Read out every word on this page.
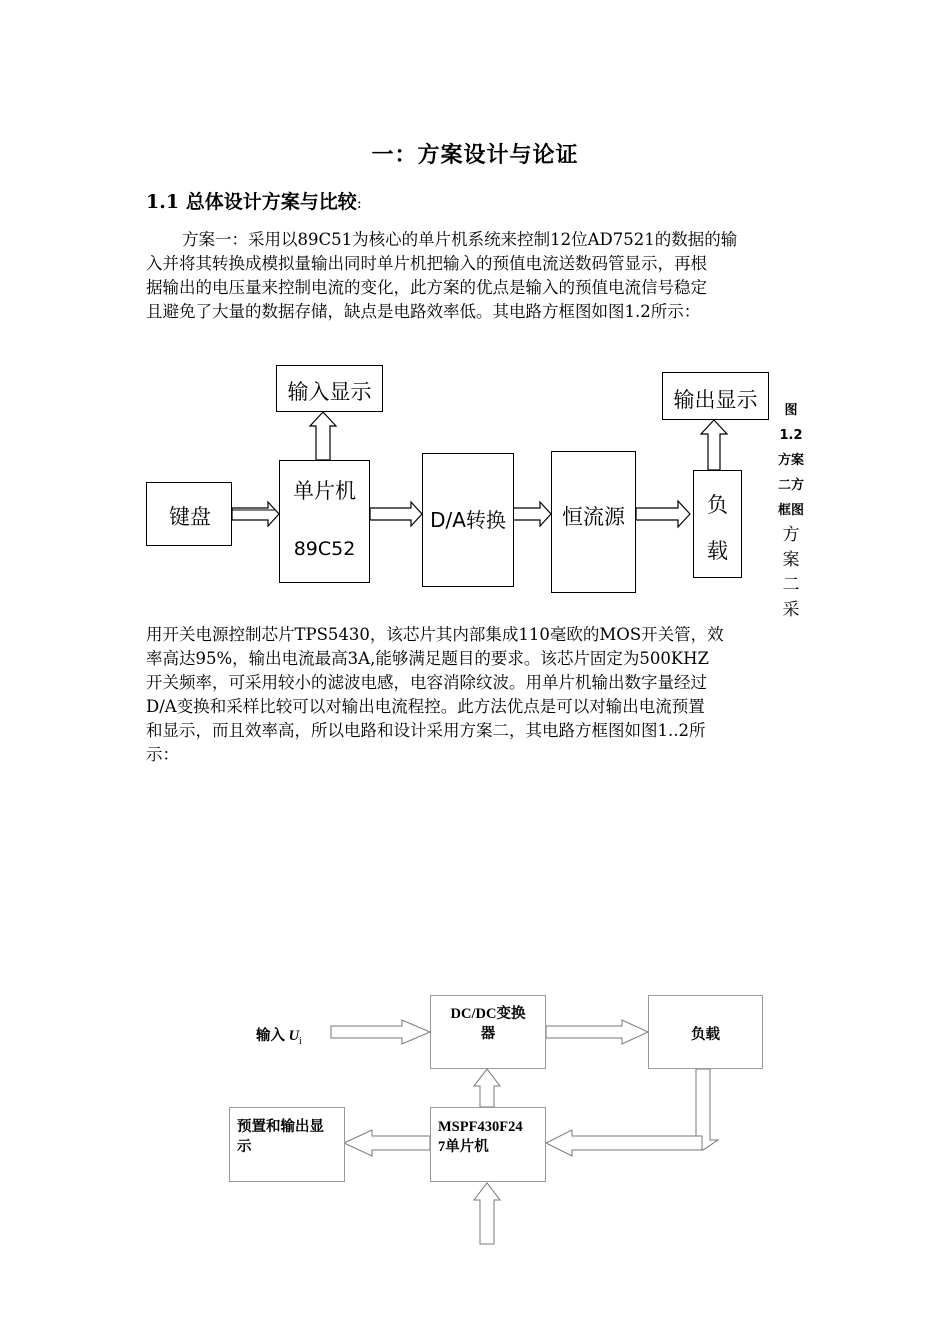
一：方案设计与论证
1.1 总体设计方案与比较:
方案一：采用以89C51为核心的单片机系统来控制12位AD7521的数据的输
入并将其转换成模拟量输出同时单片机把输入的预值电流送数码管显示，再根
据输出的电压量来控制电流的变化，此方案的优点是输入的预值电流信号稳定
且避免了大量的数据存储，缺点是电路效率低。其电路方框图如图1.2所示：
键盘
输入显示
单片机
89C52
D/A转换	恒流源
输出显示
负
载
图
1.2
方案
二方
框图
方
案
二
采
用开关电源控制芯片TPS5430，该芯片其内部集成110毫欧的MOS开关管，效
率高达95%，输出电流最高3A,能够满足题目的要求。该芯片固定为500KHZ
开关频率，可采用较小的滤波电感，电容消除纹波。用单片机输出数字量经过
D/A变换和采样比较可以对输出电流程控。此方法优点是可以对输出电流预置
和显示，而且效率高，所以电路和设计采用方案二，其电路方框图如图1..2所
示：
输入 $U_i$
DC/DC变换
器	负载
预置和输出显
示
MSPF430F24
7单片机
